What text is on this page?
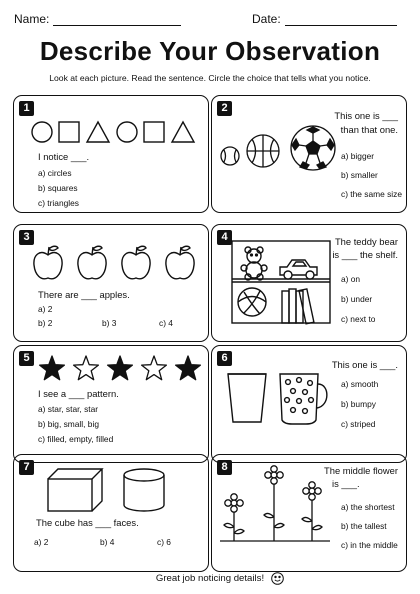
Name:	Date:
Describe Your Observation
Look at each picture. Read the sentence. Circle the choice that tells what you notice.
1
I notice ___.
a) circles
b) squares
c) triangles
2
This one is ___
than that one.
a) bigger
b) smaller
c) the same size
3
There are ___ apples.
a) 2
b) 2	b) 3	c) 4
4	The teddy bear
is ___ the shelf.
a) on
b) under
c) next to
5
I see a ___ pattern.
a) star, star, star
b) big, small, big
c) filled, empty, filled
6
This one is ___.
a) smooth
b) bumpy
c) striped
7
The cube has ___ faces.
a) 2	b) 4	c) 6
8	The middle flower
is ___.
a) the shortest
b) the tallest
c) in the middle
Great job noticing details!
